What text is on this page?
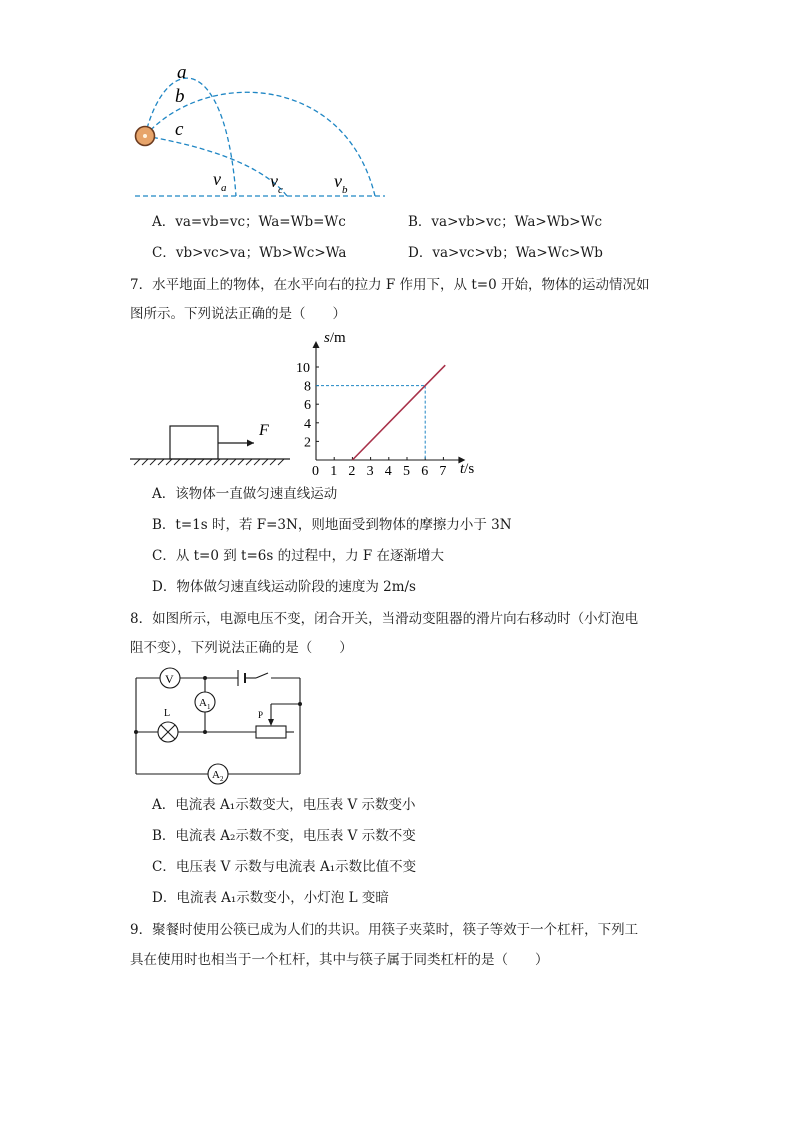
a
b
c
$v_a$ $v_c$	$v_b$
A．va=vb=vc；Wa=Wb=Wc	B．va>vb>vc；Wa>Wb>Wc
C．vb>vc>va；Wb>Wc>Wa	D．va>vc>vb；Wa>Wc>Wb
7．水平地面上的物体，在水平向右的拉力 F 作用下，从 t=0 开始，物体的运动情况如
图所示。下列说法正确的是（　　）
F
0 1 2 3 4 5 6 7
2
4
6
8
10
s/m
t/s
A．该物体一直做匀速直线运动
B．t=1s 时，若 F=3N，则地面受到物体的摩擦力小于 3N
C．从 t=0 到 t=6s 的过程中，力 F 在逐渐增大
D．物体做匀速直线运动阶段的速度为 2m/s
8．如图所示，电源电压不变，闭合开关，当滑动变阻器的滑片向右移动时（小灯泡电
阻不变），下列说法正确的是（　　）
V
$A_1$
L	P
$A_2$
A．电流表 A₁示数变大，电压表 V 示数变小
B．电流表 A₂示数不变，电压表 V 示数不变
C．电压表 V 示数与电流表 A₁示数比值不变
D．电流表 A₁示数变小，小灯泡 L 变暗
9．聚餐时使用公筷已成为人们的共识。用筷子夹菜时，筷子等效于一个杠杆，下列工
具在使用时也相当于一个杠杆，其中与筷子属于同类杠杆的是（　　）
